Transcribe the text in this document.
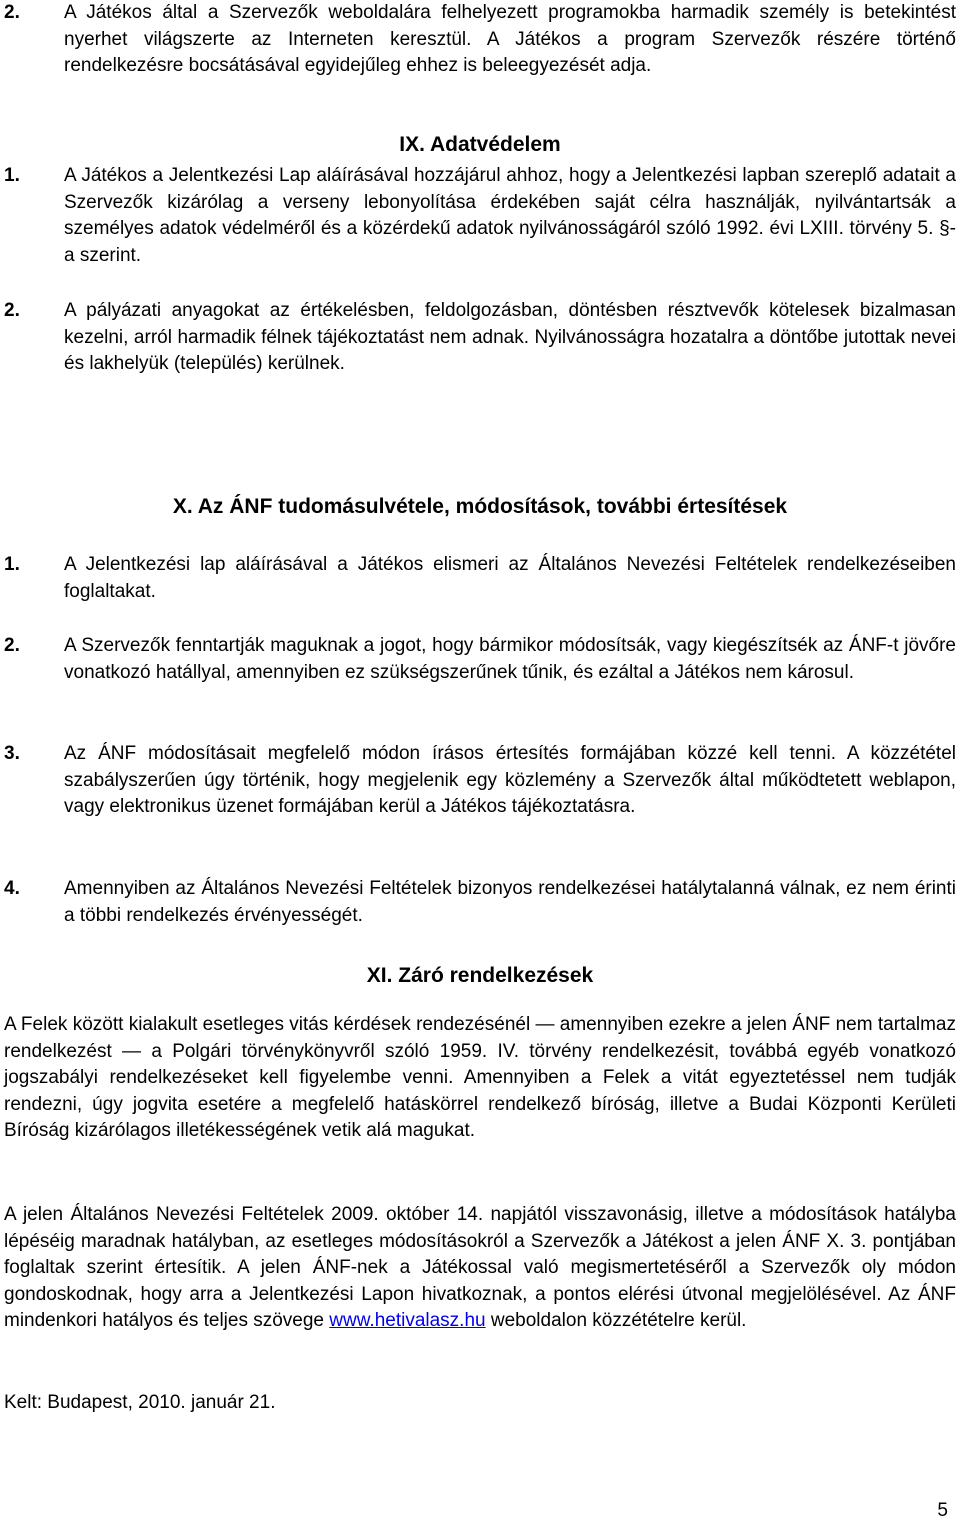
2.	A Játékos által a Szervezők weboldalára felhelyezett programokba harmadik személy is betekintést nyerhet világszerte az Interneten keresztül. A Játékos a program Szervezők részére történő rendelkezésre bocsátásával egyidejűleg ehhez is beleegyezését adja.

IX. Adatvédelem
1.	A Játékos a Jelentkezési Lap aláírásával hozzájárul ahhoz, hogy a Jelentkezési lapban szereplő adatait a Szervezők kizárólag a verseny lebonyolítása érdekében saját célra használják, nyilvántartsák a személyes adatok védelméről és a közérdekű adatok nyilvánosságáról szóló 1992. évi LXIII. törvény 5. §-a szerint.

2.	A pályázati anyagokat az értékelésben, feldolgozásban, döntésben résztvevők kötelesek bizalmasan kezelni, arról harmadik félnek tájékoztatást nem adnak. Nyilvánosságra hozatalra a döntőbe jutottak nevei és lakhelyük (település) kerülnek.

X. Az ÁNF tudomásulvétele, módosítások, további értesítések
1.	A Jelentkezési lap aláírásával a Játékos elismeri az Általános Nevezési Feltételek rendelkezéseiben foglaltakat.

2.	A Szervezők fenntartják maguknak a jogot, hogy bármikor módosítsák, vagy kiegészítsék az ÁNF-t jövőre vonatkozó hatállyal, amennyiben ez szükségszerűnek tűnik, és ezáltal a Játékos nem károsul.

3.	Az ÁNF módosításait megfelelő módon írásos értesítés formájában közzé kell tenni. A közzététel szabályszerűen úgy történik, hogy megjelenik egy közlemény a Szervezők által működtetett weblapon, vagy elektronikus üzenet formájában kerül a Játékos tájékoztatásra.

4.	Amennyiben az Általános Nevezési Feltételek bizonyos rendelkezései hatálytalanná válnak, ez nem érinti a többi rendelkezés érvényességét.

XI. Záró rendelkezések

A Felek között kialakult esetleges vitás kérdések rendezésénél — amennyiben ezekre a jelen ÁNF nem tartalmaz rendelkezést — a Polgári törvénykönyvről szóló 1959. IV. törvény rendelkezésit, továbbá egyéb vonatkozó jogszabályi rendelkezéseket kell figyelembe venni. Amennyiben a Felek a vitát egyeztetéssel nem tudják rendezni, úgy jogvita esetére a megfelelő hatáskörrel rendelkező bíróság, illetve a Budai Központi Kerületi Bíróság kizárólagos illetékességének vetik alá magukat.

A jelen Általános Nevezési Feltételek 2009. október 14. napjától visszavonásig, illetve a módosítások hatályba lépéséig maradnak hatályban, az esetleges módosításokról a Szervezők a Játékost a jelen ÁNF X. 3. pontjában foglaltak szerint értesítik. A jelen ÁNF-nek a Játékossal való megismertetéséről a Szervezők oly módon gondoskodnak, hogy arra a Jelentkezési Lapon hivatkoznak, a pontos elérési útvonal megjelölésével. Az ÁNF mindenkori hatályos és teljes szövege www.hetivalasz.hu weboldalon közzétételre kerül.

Kelt: Budapest, 2010. január 21.

5
